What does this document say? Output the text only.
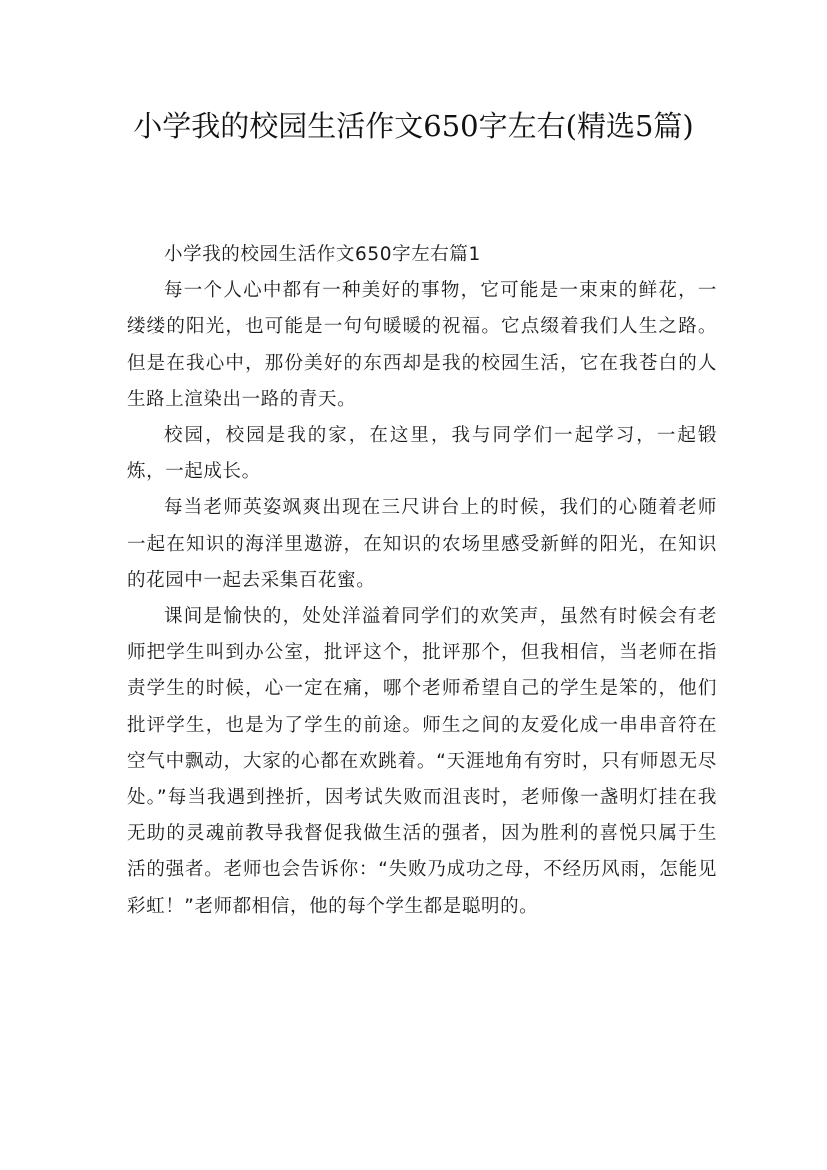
小学我的校园生活作文650字左右(精选5篇)

小学我的校园生活作文650字左右篇1

每一个人心中都有一种美好的事物，它可能是一束束的鲜花，一缕缕的阳光，也可能是一句句暖暖的祝福。它点缀着我们人生之路。但是在我心中，那份美好的东西却是我的校园生活，它在我苍白的人生路上渲染出一路的青天。

校园，校园是我的家，在这里，我与同学们一起学习，一起锻炼，一起成长。

每当老师英姿飒爽出现在三尺讲台上的时候，我们的心随着老师一起在知识的海洋里遨游，在知识的农场里感受新鲜的阳光，在知识的花园中一起去采集百花蜜。

课间是愉快的，处处洋溢着同学们的欢笑声，虽然有时候会有老师把学生叫到办公室，批评这个，批评那个，但我相信，当老师在指责学生的时候，心一定在痛，哪个老师希望自己的学生是笨的，他们批评学生，也是为了学生的前途。师生之间的友爱化成一串串音符在空气中飘动，大家的心都在欢跳着。“天涯地角有穷时，只有师恩无尽处。”每当我遇到挫折，因考试失败而沮丧时，老师像一盏明灯挂在我无助的灵魂前教导我督促我做生活的强者，因为胜利的喜悦只属于生活的强者。老师也会告诉你：“失败乃成功之母，不经历风雨，怎能见彩虹！”老师都相信，他的每个学生都是聪明的。
